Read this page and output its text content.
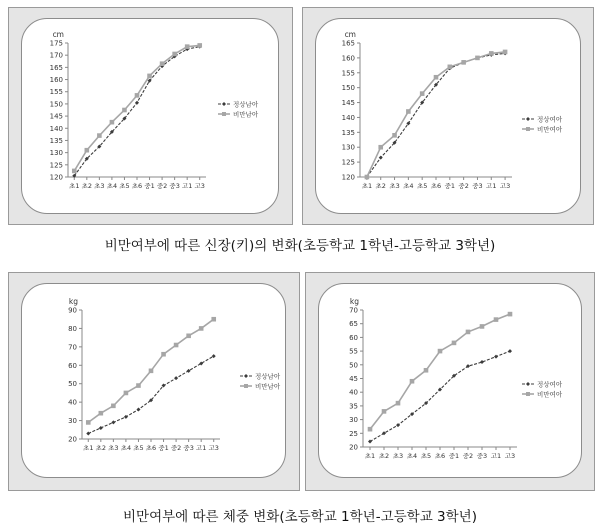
cm
120
125
130
135
140
145
150
155
160
165
170
175
초1 초2 초3 초4 초5 초6 중1 중2 중3 고1 고3
정상남아
비만남아
cm
120
125
130
135
140
145
150
155
160
165
초1 초2 초3 초4 초5 초6 중1 중2 중3 고1 고3
정상여아
비만여아
비만여부에 따른 신장(키)의 변화(초등학교 1학년-고등학교 3학년)
kg
20
30
40
50
60
70
80
90
초1 초2 초3 초4 초5 초6 중1 중2 중3 고1 고3
정상남아
비만남아
kg
20
25
30
35
40
45
50
55
60
65
70
초1 초2 초3 초4 초5 초6 중1 중2 중3 고1 고3
정상여아
비만여아
비만여부에 따른 체중 변화(초등학교 1학년-고등학교 3학년)
